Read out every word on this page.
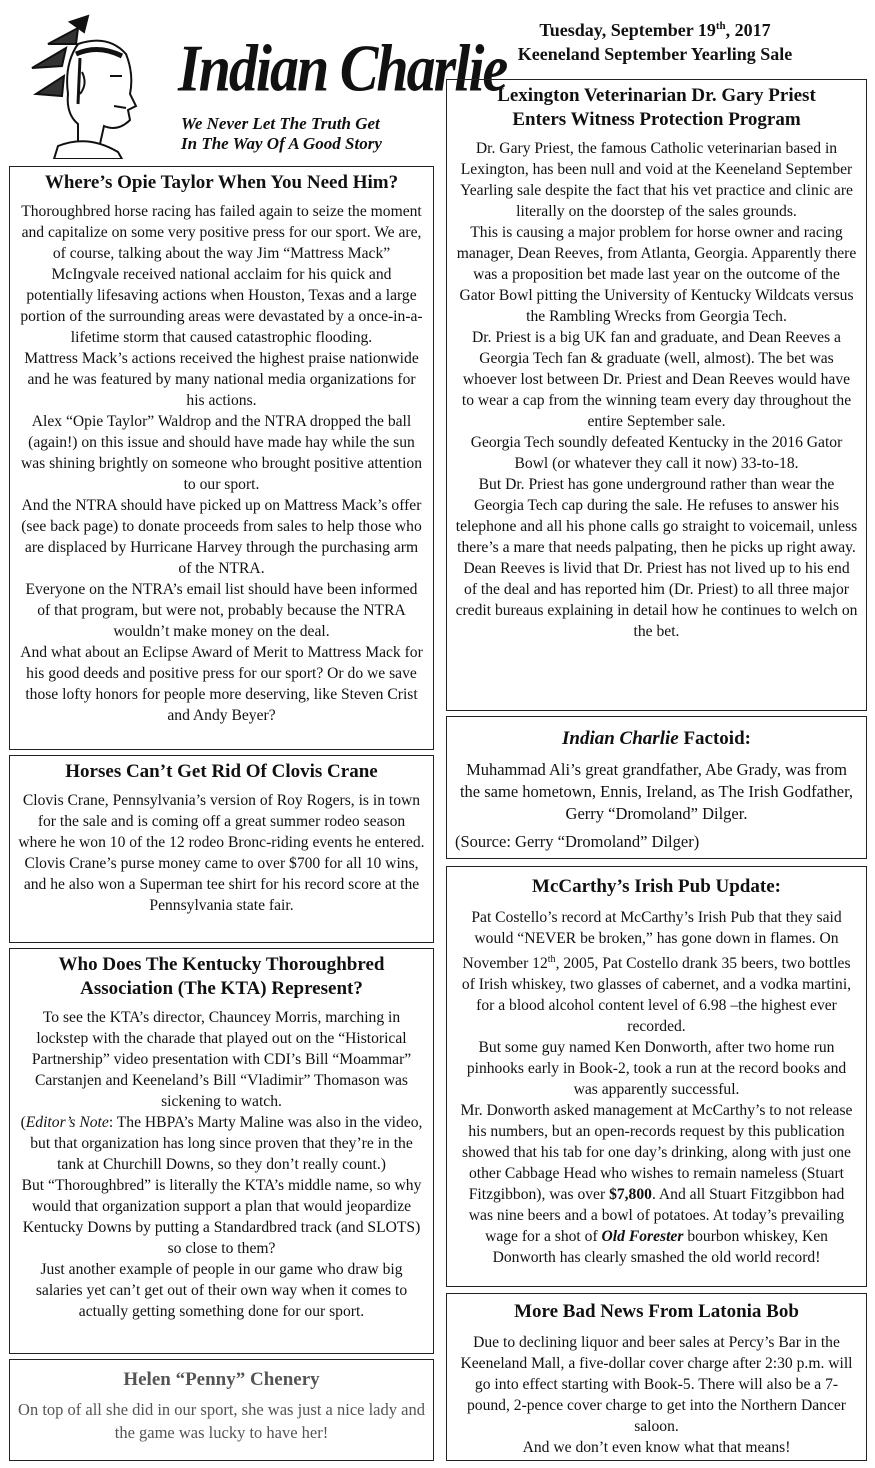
Indian Charlie
We Never Let The Truth Get
In The Way Of A Good Story
Tuesday, September 19th, 2017
Keeneland September Yearling Sale
Where’s Opie Taylor When You Need Him?

Thoroughbred horse racing has failed again to seize the moment and capitalize on some very positive press for our sport. We are, of course, talking about the way Jim “Mattress Mack” McIngvale received national acclaim for his quick and potentially lifesaving actions when Houston, Texas and a large portion of the surrounding areas were devastated by a once-in-a-lifetime storm that caused catastrophic flooding.

Mattress Mack’s actions received the highest praise nationwide and he was featured by many national media organizations for his actions.

Alex “Opie Taylor” Waldrop and the NTRA dropped the ball (again!) on this issue and should have made hay while the sun was shining brightly on someone who brought positive attention to our sport.

And the NTRA should have picked up on Mattress Mack’s offer (see back page) to donate proceeds from sales to help those who are displaced by Hurricane Harvey through the purchasing arm of the NTRA.

Everyone on the NTRA’s email list should have been informed of that program, but were not, probably because the NTRA wouldn’t make money on the deal.

And what about an Eclipse Award of Merit to Mattress Mack for his good deeds and positive press for our sport? Or do we save those lofty honors for people more deserving, like Steven Crist and Andy Beyer?

Horses Can’t Get Rid Of Clovis Crane

Clovis Crane, Pennsylvania’s version of Roy Rogers, is in town for the sale and is coming off a great summer rodeo season where he won 10 of the 12 rodeo Bronc-riding events he entered.

Clovis Crane’s purse money came to over $700 for all 10 wins, and he also won a Superman tee shirt for his record score at the Pennsylvania state fair.

Who Does The Kentucky Thoroughbred
Association (The KTA) Represent?

To see the KTA’s director, Chauncey Morris, marching in lockstep with the charade that played out on the “Historical Partnership” video presentation with CDI’s Bill “Moammar” Carstanjen and Keeneland’s Bill “Vladimir” Thomason was sickening to watch.

(Editor’s Note: The HBPA’s Marty Maline was also in the video, but that organization has long since proven that they’re in the tank at Churchill Downs, so they don’t really count.)

But “Thoroughbred” is literally the KTA’s middle name, so why would that organization support a plan that would jeopardize Kentucky Downs by putting a Standardbred track (and SLOTS) so close to them?

Just another example of people in our game who draw big salaries yet can’t get out of their own way when it comes to actually getting something done for our sport.

Helen “Penny” Chenery

On top of all she did in our sport, she was just a nice lady and the game was lucky to have her!

Lexington Veterinarian Dr. Gary Priest
Enters Witness Protection Program

Dr. Gary Priest, the famous Catholic veterinarian based in Lexington, has been null and void at the Keeneland September Yearling sale despite the fact that his vet practice and clinic are literally on the doorstep of the sales grounds.

This is causing a major problem for horse owner and racing manager, Dean Reeves, from Atlanta, Georgia. Apparently there was a proposition bet made last year on the outcome of the Gator Bowl pitting the University of Kentucky Wildcats versus the Rambling Wrecks from Georgia Tech.

Dr. Priest is a big UK fan and graduate, and Dean Reeves a Georgia Tech fan & graduate (well, almost). The bet was whoever lost between Dr. Priest and Dean Reeves would have to wear a cap from the winning team every day throughout the entire September sale.

Georgia Tech soundly defeated Kentucky in the 2016 Gator Bowl (or whatever they call it now) 33-to-18.

But Dr. Priest has gone underground rather than wear the Georgia Tech cap during the sale. He refuses to answer his telephone and all his phone calls go straight to voicemail, unless there’s a mare that needs palpating, then he picks up right away.

Dean Reeves is livid that Dr. Priest has not lived up to his end of the deal and has reported him (Dr. Priest) to all three major credit bureaus explaining in detail how he continues to welch on the bet.

Indian Charlie Factoid:

Muhammad Ali’s great grandfather, Abe Grady, was from the same hometown, Ennis, Ireland, as The Irish Godfather, Gerry “Dromoland” Dilger.

(Source: Gerry “Dromoland” Dilger)

McCarthy’s Irish Pub Update:

Pat Costello’s record at McCarthy’s Irish Pub that they said would “NEVER be broken,” has gone down in flames. On November 12th, 2005, Pat Costello drank 35 beers, two bottles of Irish whiskey, two glasses of cabernet, and a vodka martini, for a blood alcohol content level of 6.98 –the highest ever recorded.

But some guy named Ken Donworth, after two home run pinhooks early in Book-2, took a run at the record books and was apparently successful.

Mr. Donworth asked management at McCarthy’s to not release his numbers, but an open-records request by this publication showed that his tab for one day’s drinking, along with just one other Cabbage Head who wishes to remain nameless (Stuart Fitzgibbon), was over $7,800. And all Stuart Fitzgibbon had was nine beers and a bowl of potatoes. At today’s prevailing wage for a shot of Old Forester bourbon whiskey, Ken Donworth has clearly smashed the old world record!

More Bad News From Latonia Bob

Due to declining liquor and beer sales at Percy’s Bar in the Keeneland Mall, a five-dollar cover charge after 2:30 p.m. will go into effect starting with Book-5. There will also be a 7-pound, 2-pence cover charge to get into the Northern Dancer saloon.

And we don’t even know what that means!
